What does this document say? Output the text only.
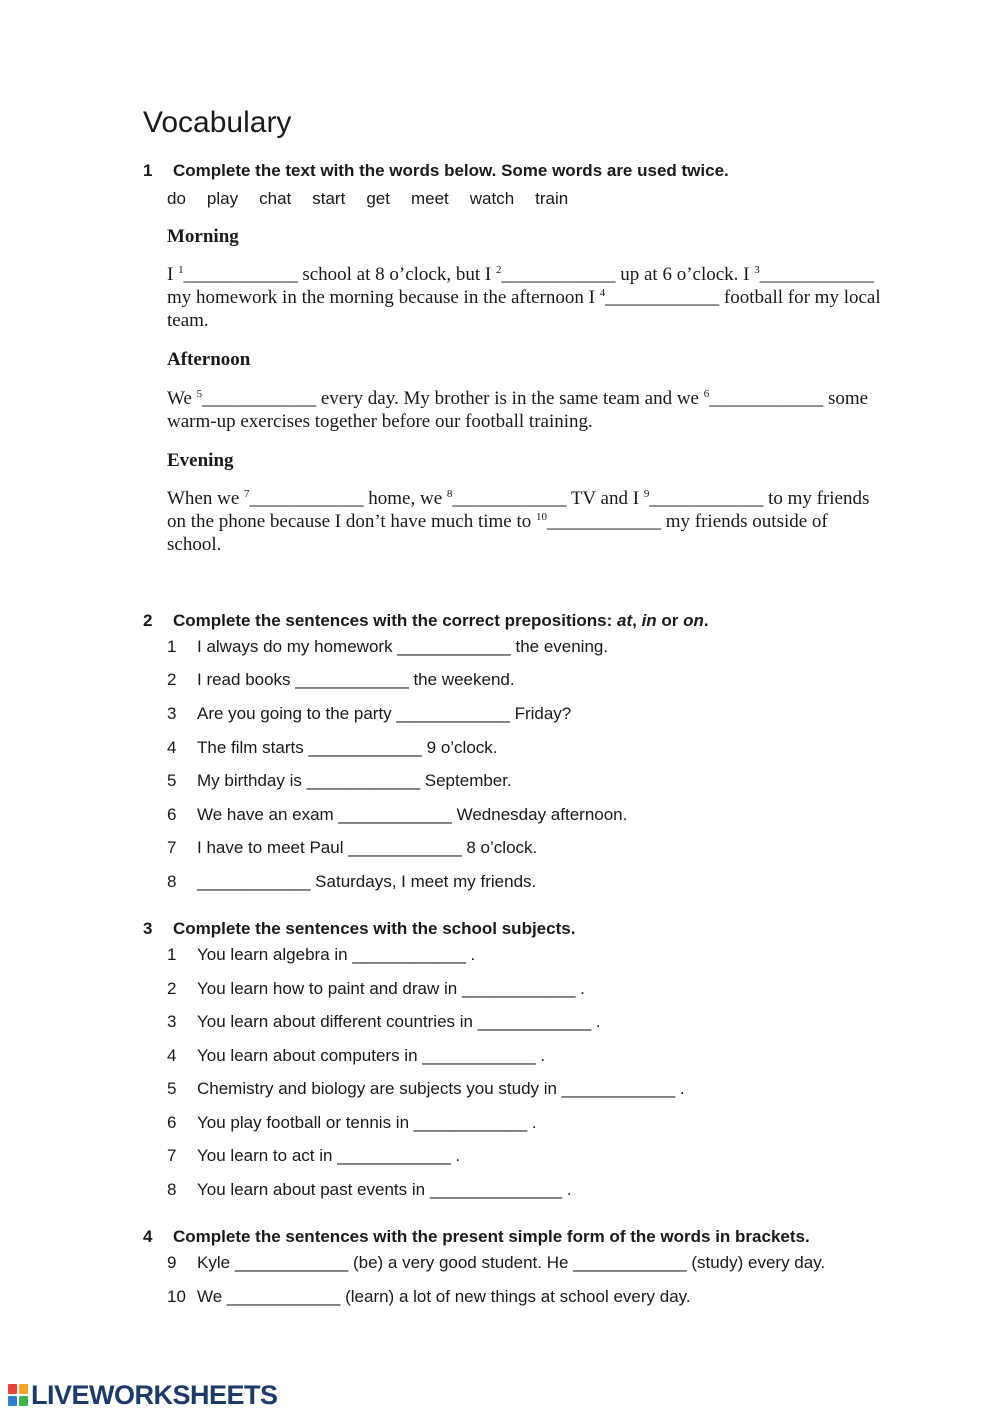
Vocabulary
1 Complete the text with the words below. Some words are used twice.
do play chat start get meet watch train
Morning
I $^1$____________ school at 8 o’clock, but I $^2$____________ up at 6 o’clock. I $^3$____________
my homework in the morning because in the afternoon I $^4$____________ football for my local
team.
Afternoon
We $^5$____________ every day. My brother is in the same team and we $^6$____________ some
warm-up exercises together before our football training.
Evening
When we $^7$____________ home, we $^8$____________ TV and I $^9$____________ to my friends
on the phone because I don’t have much time to $^{10}$____________ my friends outside of
school.
2 Complete the sentences with the correct prepositions: at, in or on.
1 I always do my homework ____________ the evening.
2 I read books ____________ the weekend.
3 Are you going to the party ____________ Friday?
4 The film starts ____________ 9 o’clock.
5 My birthday is ____________ September.
6 We have an exam ____________ Wednesday afternoon.
7 I have to meet Paul ____________ 8 o’clock.
8 ____________ Saturdays, I meet my friends.
3 Complete the sentences with the school subjects.
1 You learn algebra in ____________ .
2 You learn how to paint and draw in ____________ .
3 You learn about different countries in ____________ .
4 You learn about computers in ____________ .
5 Chemistry and biology are subjects you study in ____________ .
6 You play football or tennis in ____________ .
7 You learn to act in ____________ .
8 You learn about past events in ______________ .
4 Complete the sentences with the present simple form of the words in brackets.
9 Kyle ____________ (be) a very good student. He ____________ (study) every day.
10 We ____________ (learn) a lot of new things at school every day.
LIVEWORKSHEETS
